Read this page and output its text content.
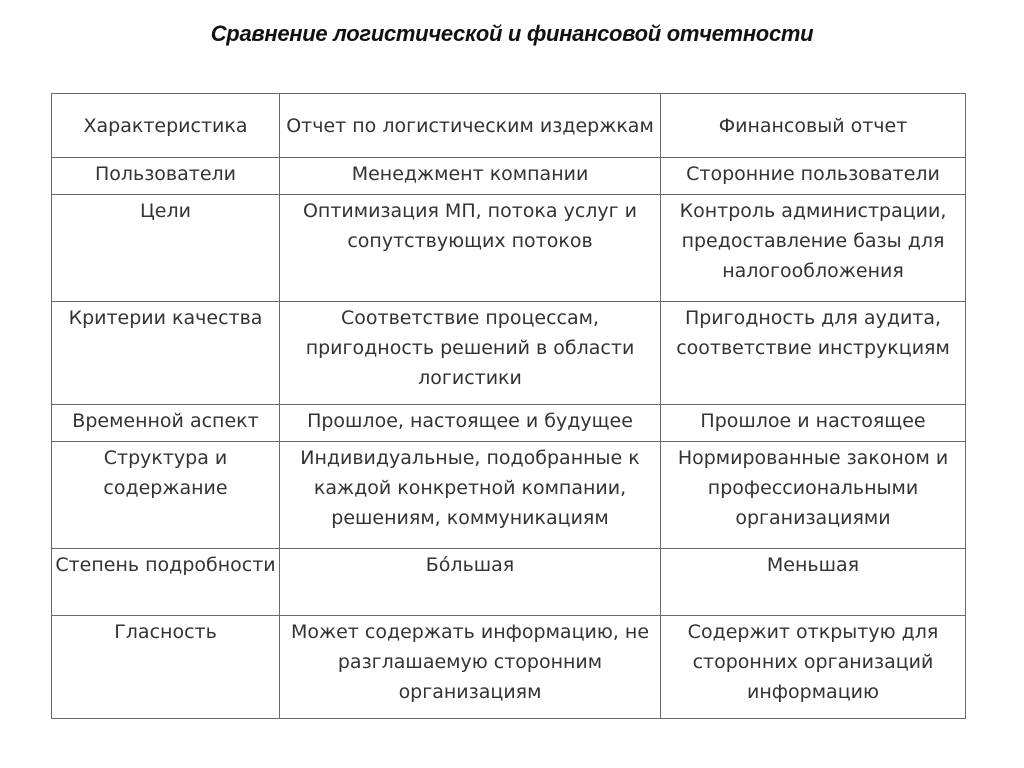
Сравнение логистической и финансовой отчетности
Характеристика	Отчет по логистическим издержкам	Финансовый отчет

Пользователи	Менеджмент компании	Сторонние пользователи

Цели	Оптимизация МП, потока услуг и сопутствующих потоков	Контроль администрации, предоставление базы для налогообложения

Критерии качества	Соответствие процессам, пригодность решений в области логистики	Пригодность для аудита, соответствие инструкциям

Временной аспект	Прошлое, настоящее и будущее	Прошлое и настоящее

Структура и содержание	Индивидуальные, подобранные к каждой конкретной компании, решениям, коммуникациям	Нормированные законом и профессиональными организациями

Степень подробности	Бóльшая	Меньшая

Гласность	Может содержать информацию, не разглашаемую сторонним организациям	Содержит открытую для сторонних организаций информацию
